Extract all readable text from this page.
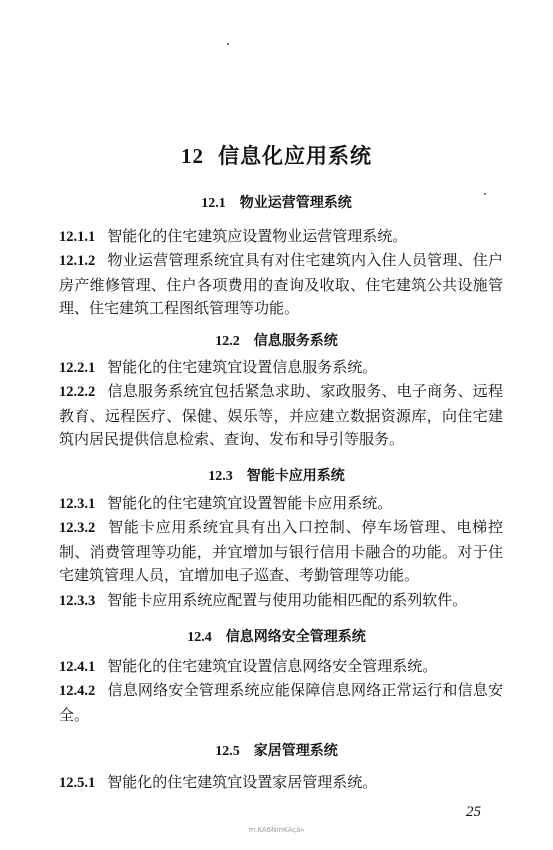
12 信息化应用系统
12.1 物业运营管理系统
12.1.1 智能化的住宅建筑应设置物业运营管理系统。
12.1.2 物业运营管理系统宜具有对住宅建筑内入住人员管理、住户房产维修管理、住户各项费用的查询及收取、住宅建筑公共设施管理、住宅建筑工程图纸管理等功能。
12.2 信息服务系统
12.2.1 智能化的住宅建筑宜设置信息服务系统。
12.2.2 信息服务系统宜包括紧急求助、家政服务、电子商务、远程教育、远程医疗、保健、娱乐等，并应建立数据资源库，向住宅建筑内居民提供信息检索、查询、发布和导引等服务。
12.3 智能卡应用系统
12.3.1 智能化的住宅建筑宜设置智能卡应用系统。
12.3.2 智能卡应用系统宜具有出入口控制、停车场管理、电梯控制、消费管理等功能，并宜增加与银行信用卡融合的功能。对于住宅建筑管理人员，宜增加电子巡查、考勤管理等功能。
12.3.3 智能卡应用系统应配置与使用功能相匹配的系列软件。
12.4 信息网络安全管理系统
12.4.1 智能化的住宅建筑宜设置信息网络安全管理系统。
12.4.2 信息网络安全管理系统应能保障信息网络正常运行和信息安全。
12.5 家居管理系统
12.5.1 智能化的住宅建筑宜设置家居管理系统。
25
m.KA6ÑmKAçà»
